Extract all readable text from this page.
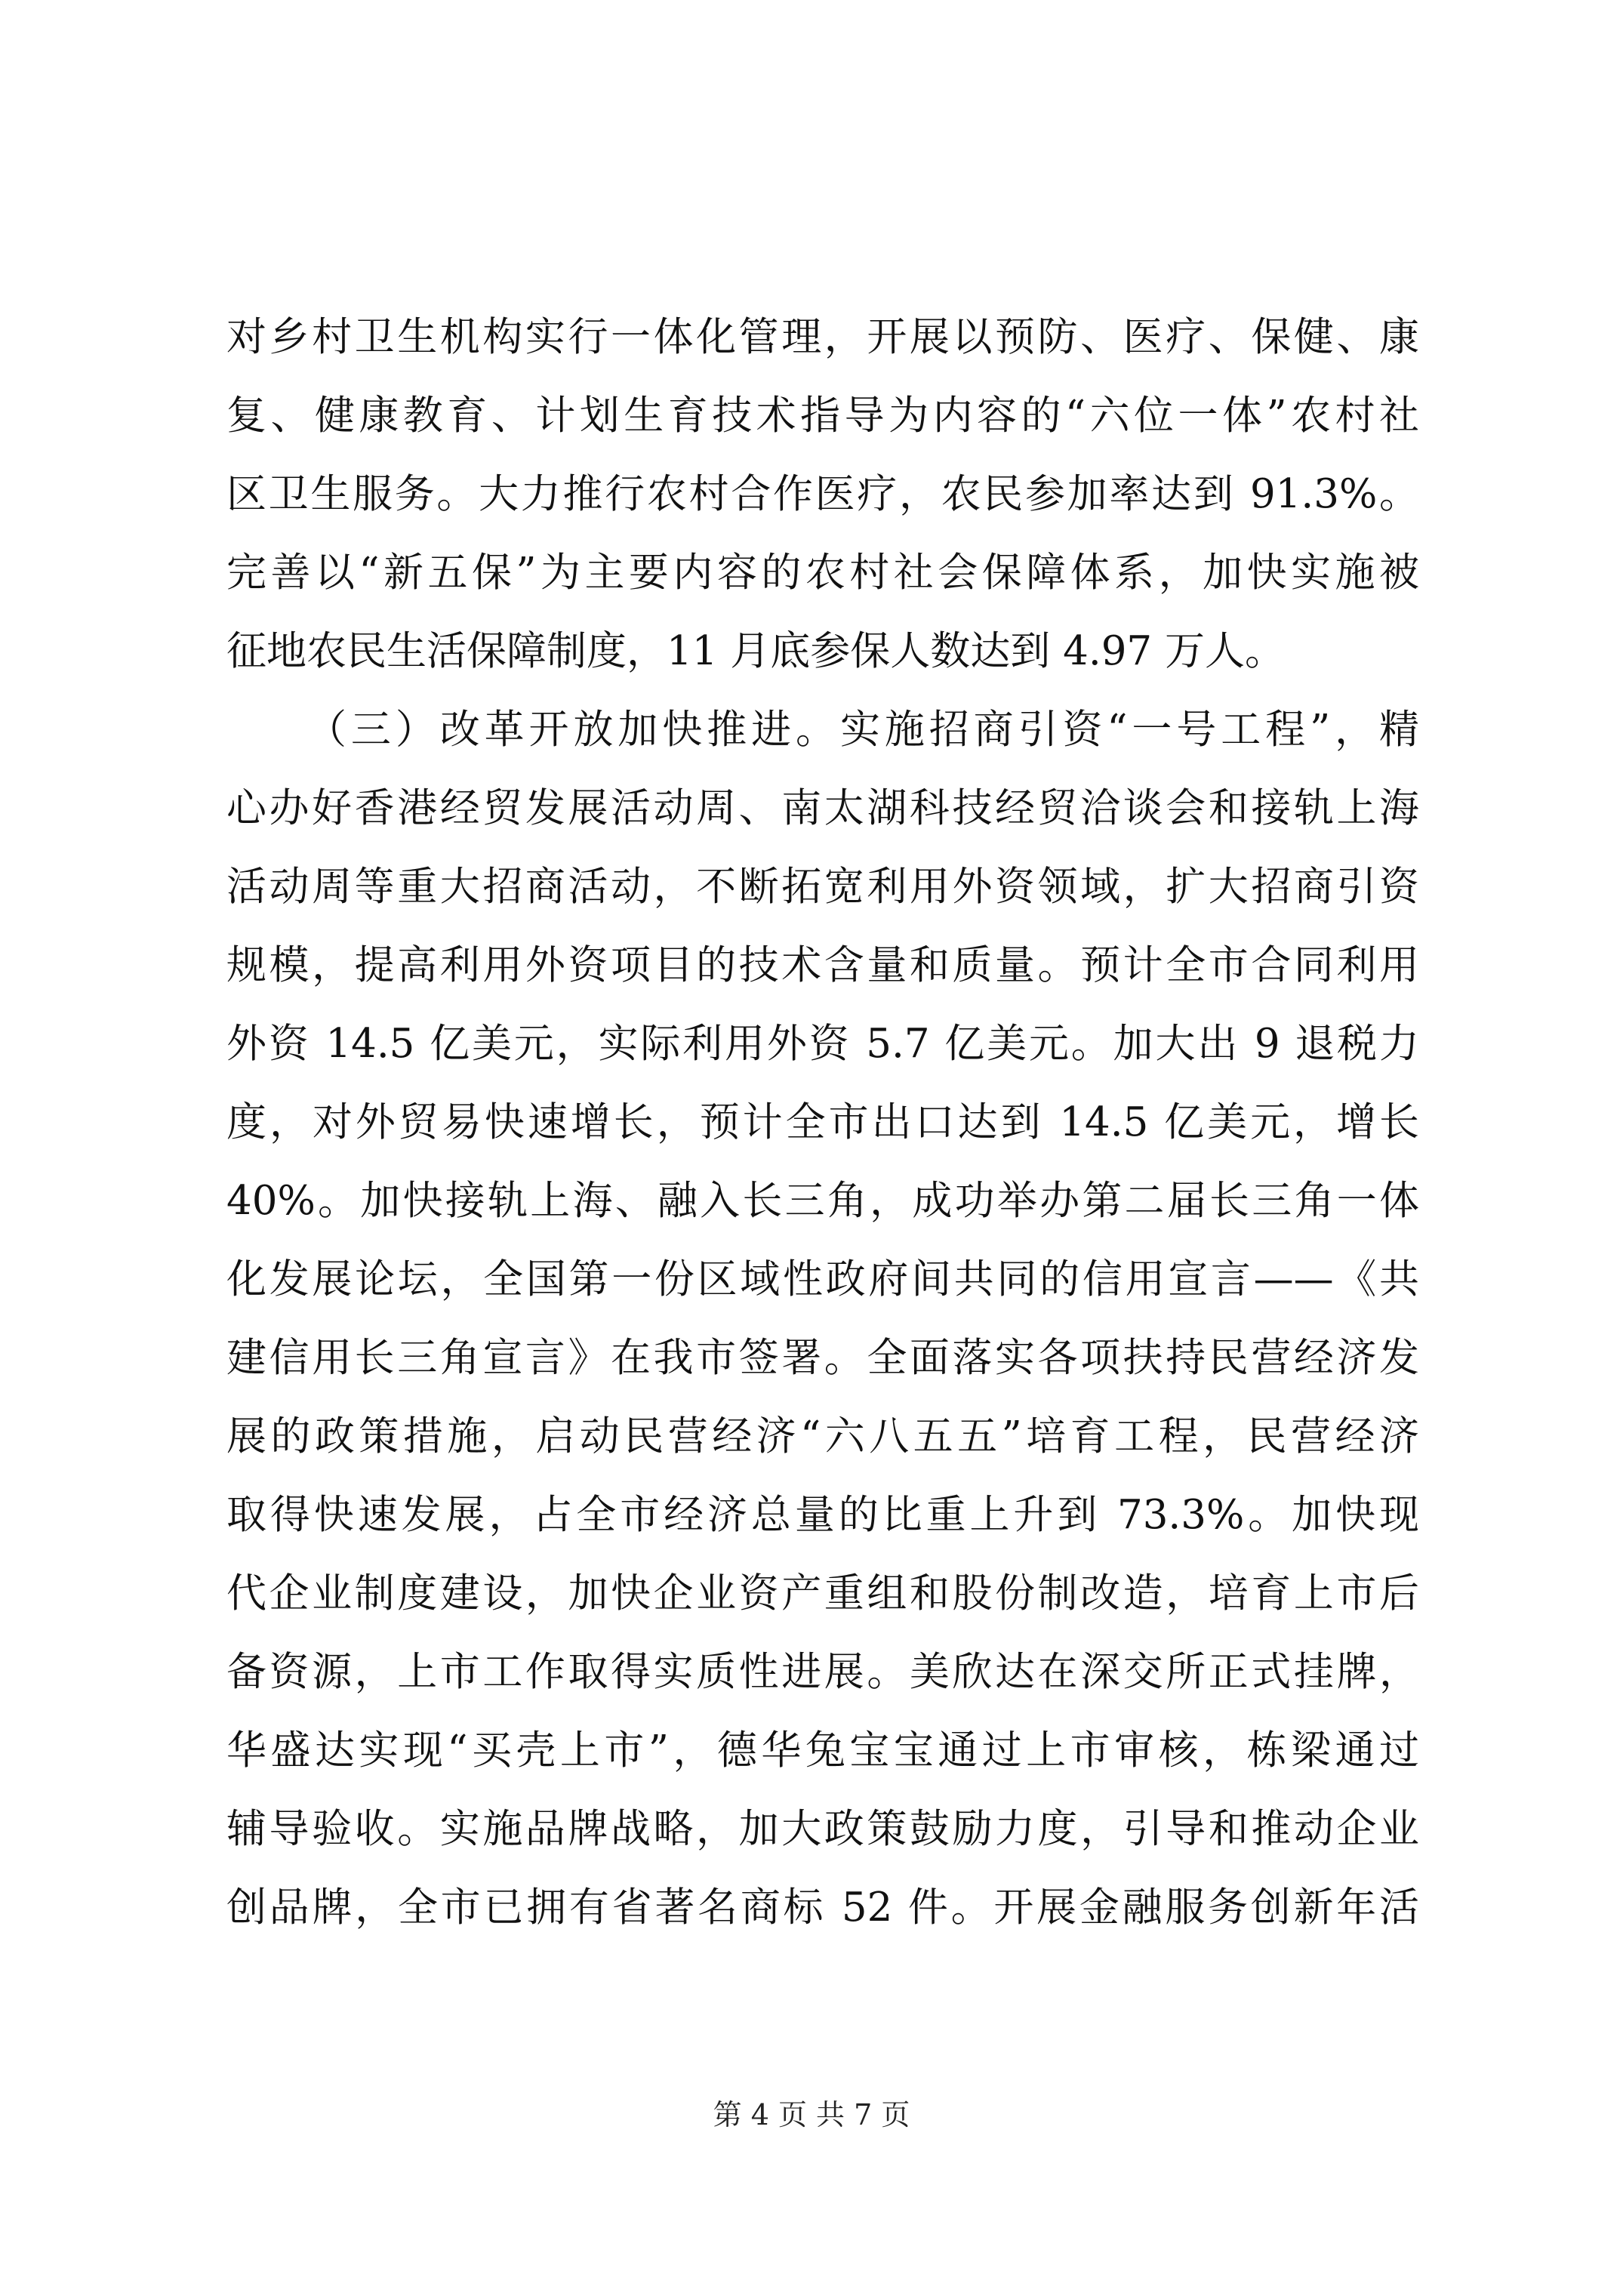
对乡村卫生机构实行一体化管理，开展以预防、医疗、保健、康
复、健康教育、计划生育技术指导为内容的“六位一体”农村社
区卫生服务。大力推行农村合作医疗，农民参加率达到 91.3%。
完善以“新五保”为主要内容的农村社会保障体系，加快实施被
征地农民生活保障制度，11 月底参保人数达到 4.97 万人。
（三）改革开放加快推进。实施招商引资“一号工程”，精
心办好香港经贸发展活动周、南太湖科技经贸洽谈会和接轨上海
活动周等重大招商活动，不断拓宽利用外资领域，扩大招商引资
规模，提高利用外资项目的技术含量和质量。预计全市合同利用
外资 14.5 亿美元，实际利用外资 5.7 亿美元。加大出 9 退税力
度，对外贸易快速增长，预计全市出口达到 14.5 亿美元，增长
40%。加快接轨上海、融入长三角，成功举办第二届长三角一体
化发展论坛，全国第一份区域性政府间共同的信用宣言——《共
建信用长三角宣言》在我市签署。全面落实各项扶持民营经济发
展的政策措施，启动民营经济“六八五五”培育工程，民营经济
取得快速发展，占全市经济总量的比重上升到 73.3%。加快现
代企业制度建设，加快企业资产重组和股份制改造，培育上市后
备资源，上市工作取得实质性进展。美欣达在深交所正式挂牌，
华盛达实现“买壳上市”，德华兔宝宝通过上市审核，栋梁通过
辅导验收。实施品牌战略，加大政策鼓励力度，引导和推动企业
创品牌，全市已拥有省著名商标 52 件。开展金融服务创新年活
第 4 页 共 7 页
